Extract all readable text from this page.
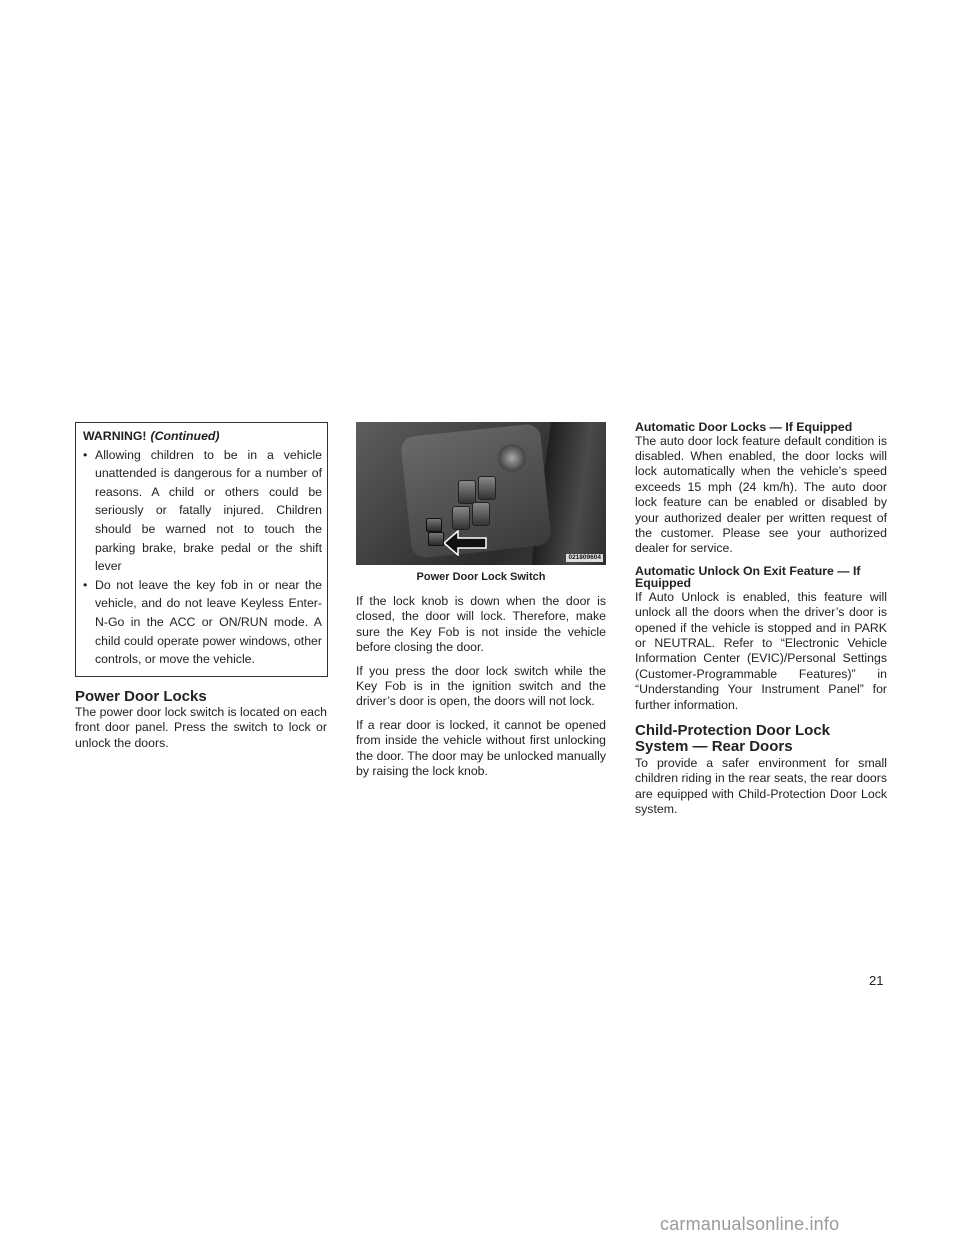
WARNING! (Continued)
• Allowing children to be in a vehicle unattended is dangerous for a number of reasons. A child or others could be seriously or fatally injured. Children should be warned not to touch the parking brake, brake pedal or the shift lever
• Do not leave the key fob in or near the vehicle, and do not leave Keyless Enter-N-Go in the ACC or ON/RUN mode. A child could operate power windows, other controls, or move the vehicle.
Power Door Locks

The power door lock switch is located on each front door panel. Press the switch to lock or unlock the doors.

021809604
Power Door Lock Switch

If the lock knob is down when the door is closed, the door will lock. Therefore, make sure the Key Fob is not inside the vehicle before closing the door.

If you press the door lock switch while the Key Fob is in the ignition switch and the driver’s door is open, the doors will not lock.

If a rear door is locked, it cannot be opened from inside the vehicle without first unlocking the door. The door may be unlocked manually by raising the lock knob.

Automatic Door Locks — If Equipped

The auto door lock feature default condition is disabled. When enabled, the door locks will lock automatically when the vehicle’s speed exceeds 15 mph (24 km/h). The auto door lock feature can be enabled or disabled by your authorized dealer per written request of the customer. Please see your authorized dealer for service.

Automatic Unlock On Exit Feature — If Equipped

If Auto Unlock is enabled, this feature will unlock all the doors when the driver’s door is opened if the vehicle is stopped and in PARK or NEUTRAL. Refer to “Electronic Vehicle Information Center (EVIC)/Personal Settings (Customer-Programmable Features)” in “Understanding Your Instrument Panel” for further information.

Child-Protection Door Lock
System — Rear Doors

To provide a safer environment for small children riding in the rear seats, the rear doors are equipped with Child-Protection Door Lock system.

21
carmanualsonline.info
